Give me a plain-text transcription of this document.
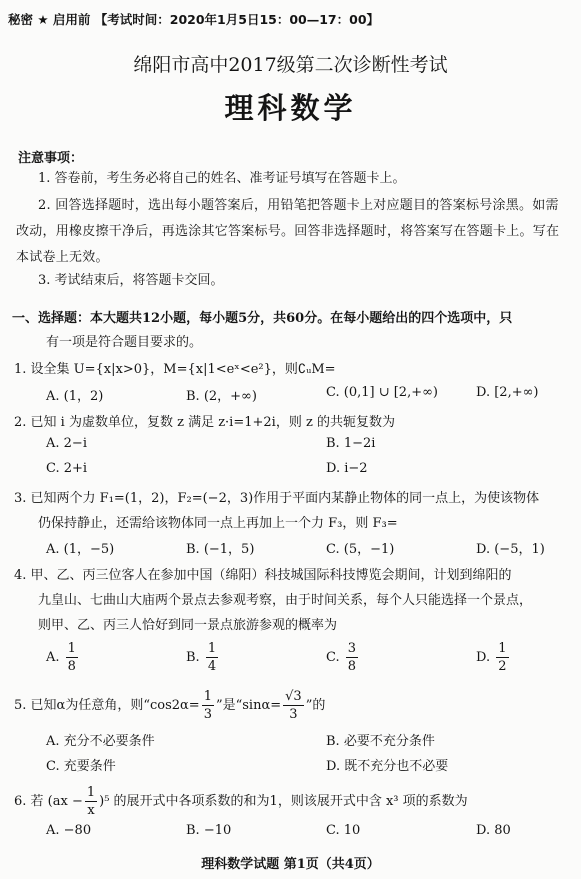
秘密 ★ 启用前 【考试时间：2020年1月5日15：00—17：00】
绵阳市高中2017级第二次诊断性考试
理科数学
注意事项：
1. 答卷前，考生务必将自己的姓名、准考证号填写在答题卡上。
2. 回答选择题时，选出每小题答案后，用铅笔把答题卡上对应题目的答案标号涂黑。如需改动，用橡皮擦干净后，再选涂其它答案标号。回答非选择题时，将答案写在答题卡上。写在本试卷上无效。
3. 考试结束后，将答题卡交回。
一、选择题：本大题共12小题，每小题5分，共60分。在每小题给出的四个选项中，只
有一项是符合题目要求的。
1. 设全集 U={x|x>0}，M={x|1<eˣ<e²}，则∁ᵤM=
A. (1，2)	B. (2，+∞)	C. (0,1] ∪ [2,+∞)	D. [2,+∞)
2. 已知 i 为虚数单位，复数 z 满足 z·i=1+2i，则 z 的共轭复数为
A. 2−i	B. 1−2i
C. 2+i	D. i−2
3. 已知两个力 F₁=(1，2)，F₂=(−2，3)作用于平面内某静止物体的同一点上，为使该物体
仍保持静止，还需给该物体同一点上再加上一个力 F₃，则 F₃=
A. (1，−5)	B. (−1，5)	C. (5，−1)	D. (−5，1)
4. 甲、乙、丙三位客人在参加中国（绵阳）科技城国际科技博览会期间，计划到绵阳的
九皇山、七曲山大庙两个景点去参观考察，由于时间关系，每个人只能选择一个景点，
则甲、乙、丙三人恰好到同一景点旅游参观的概率为
A. $\frac{1}{8}$	B. $\frac{1}{4}$	C. $\frac{3}{8}$	D. $\frac{1}{2}$
5. 已知α为任意角，则“$\cos 2\alpha= \frac{1}{3}$ ”是“$\sin\alpha= \frac{√3}{3}$ ”的
A. 充分不必要条件	B. 必要不充分条件
C. 充要条件	D. 既不充分也不必要
6. 若 $(ax - \frac{1}{x} )^5$ 的展开式中各项系数的和为1，则该展开式中含 x³ 项的系数为
A. −80	B. −10	C. 10	D. 80
理科数学试题 第1页（共4页）
